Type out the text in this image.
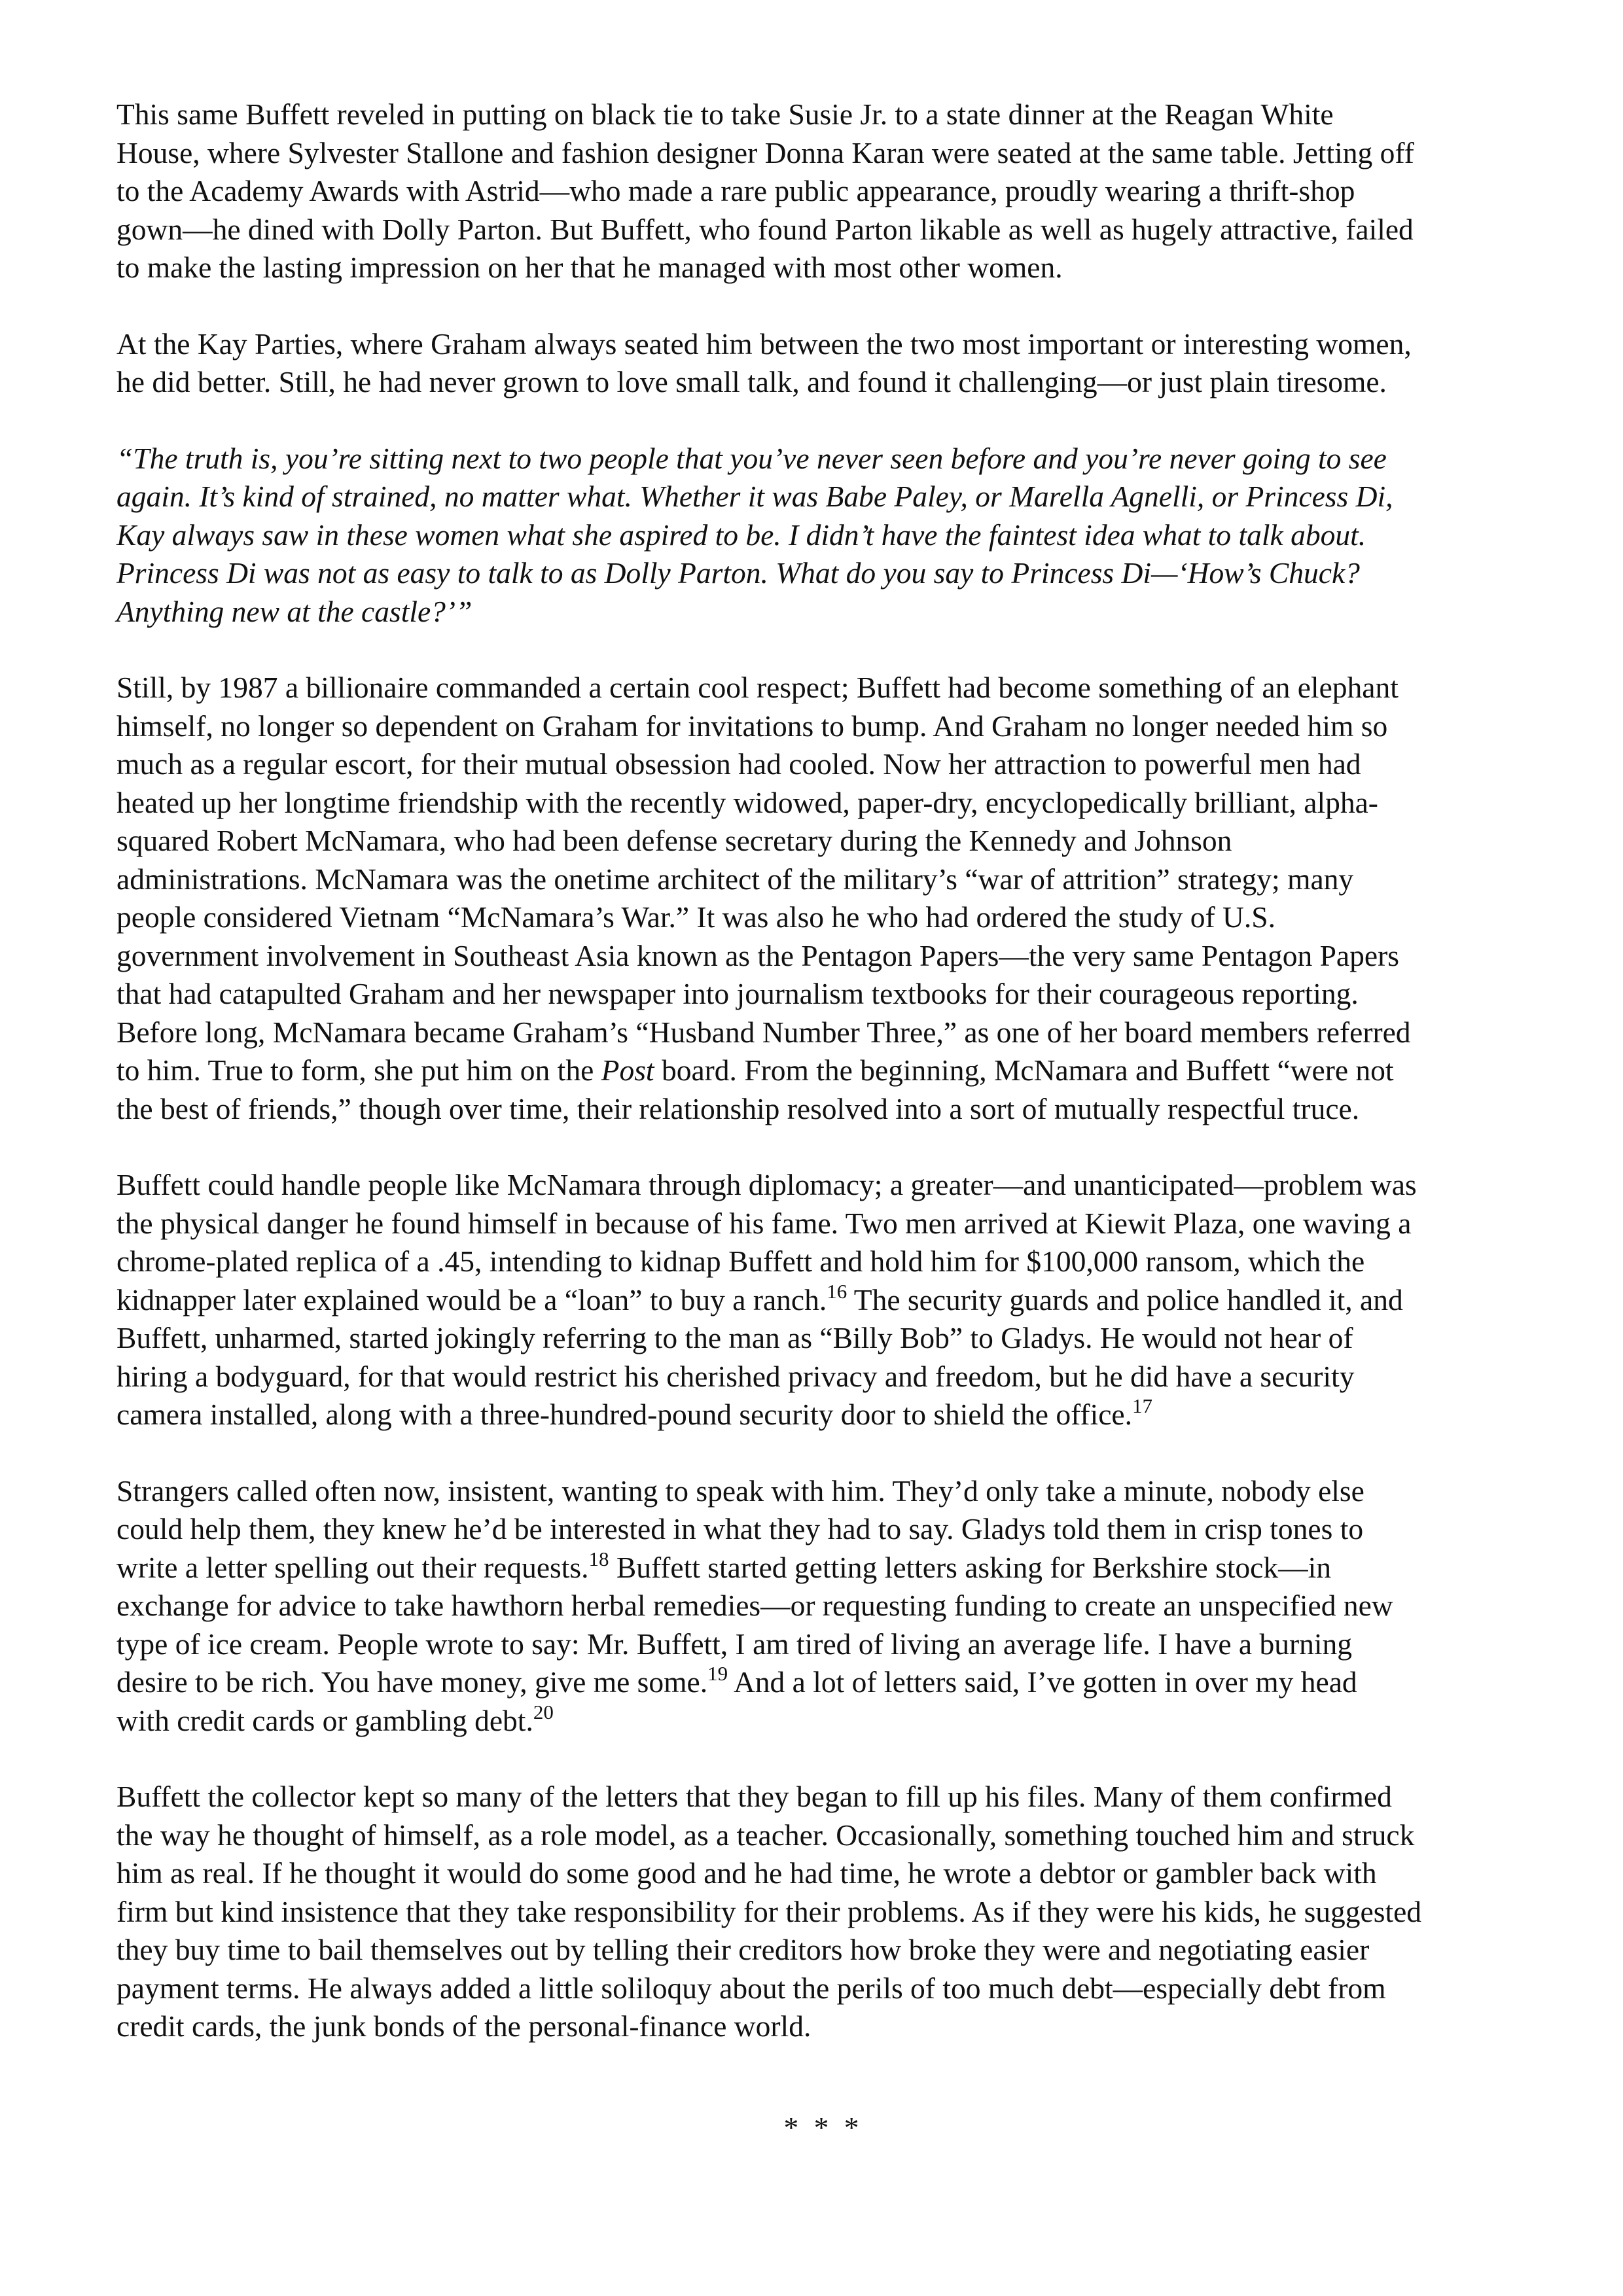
This same Buffett reveled in putting on black tie to take Susie Jr. to a state dinner at the Reagan White
House, where Sylvester Stallone and fashion designer Donna Karan were seated at the same table. Jetting off
to the Academy Awards with Astrid—who made a rare public appearance, proudly wearing a thrift-shop
gown—he dined with Dolly Parton. But Buffett, who found Parton likable as well as hugely attractive, failed
to make the lasting impression on her that he managed with most other women.
At the Kay Parties, where Graham always seated him between the two most important or interesting women,
he did better. Still, he had never grown to love small talk, and found it challenging—or just plain tiresome.
“The truth is, you’re sitting next to two people that you’ve never seen before and you’re never going to see
again. It’s kind of strained, no matter what. Whether it was Babe Paley, or Marella Agnelli, or Princess Di,
Kay always saw in these women what she aspired to be. I didn’t have the faintest idea what to talk about.
Princess Di was not as easy to talk to as Dolly Parton. What do you say to Princess Di—‘How’s Chuck?
Anything new at the castle?’”
Still, by 1987 a billionaire commanded a certain cool respect; Buffett had become something of an elephant
himself, no longer so dependent on Graham for invitations to bump. And Graham no longer needed him so
much as a regular escort, for their mutual obsession had cooled. Now her attraction to powerful men had
heated up her longtime friendship with the recently widowed, paper-dry, encyclopedically brilliant, alpha-
squared Robert McNamara, who had been defense secretary during the Kennedy and Johnson
administrations. McNamara was the onetime architect of the military’s “war of attrition” strategy; many
people considered Vietnam “McNamara’s War.” It was also he who had ordered the study of U.S.
government involvement in Southeast Asia known as the Pentagon Papers—the very same Pentagon Papers
that had catapulted Graham and her newspaper into journalism textbooks for their courageous reporting.
Before long, McNamara became Graham’s “Husband Number Three,” as one of her board members referred
to him. True to form, she put him on the Post board. From the beginning, McNamara and Buffett “were not
the best of friends,” though over time, their relationship resolved into a sort of mutually respectful truce.
Buffett could handle people like McNamara through diplomacy; a greater—and unanticipated—problem was
the physical danger he found himself in because of his fame. Two men arrived at Kiewit Plaza, one waving a
chrome-plated replica of a .45, intending to kidnap Buffett and hold him for $100,000 ransom, which the
kidnapper later explained would be a “loan” to buy a ranch.$^{16}$ The security guards and police handled it, and
Buffett, unharmed, started jokingly referring to the man as “Billy Bob” to Gladys. He would not hear of
hiring a bodyguard, for that would restrict his cherished privacy and freedom, but he did have a security
camera installed, along with a three-hundred-pound security door to shield the office.$^{17}$
Strangers called often now, insistent, wanting to speak with him. They’d only take a minute, nobody else
could help them, they knew he’d be interested in what they had to say. Gladys told them in crisp tones to
write a letter spelling out their requests.$^{18}$ Buffett started getting letters asking for Berkshire stock—in
exchange for advice to take hawthorn herbal remedies—or requesting funding to create an unspecified new
type of ice cream. People wrote to say: Mr. Buffett, I am tired of living an average life. I have a burning
desire to be rich. You have money, give me some.$^{19}$ And a lot of letters said, I’ve gotten in over my head
with credit cards or gambling debt.$^{20}$
Buffett the collector kept so many of the letters that they began to fill up his files. Many of them confirmed
the way he thought of himself, as a role model, as a teacher. Occasionally, something touched him and struck
him as real. If he thought it would do some good and he had time, he wrote a debtor or gambler back with
firm but kind insistence that they take responsibility for their problems. As if they were his kids, he suggested
they buy time to bail themselves out by telling their creditors how broke they were and negotiating easier
payment terms. He always added a little soliloquy about the perils of too much debt—especially debt from
credit cards, the junk bonds of the personal-finance world.
* * *
